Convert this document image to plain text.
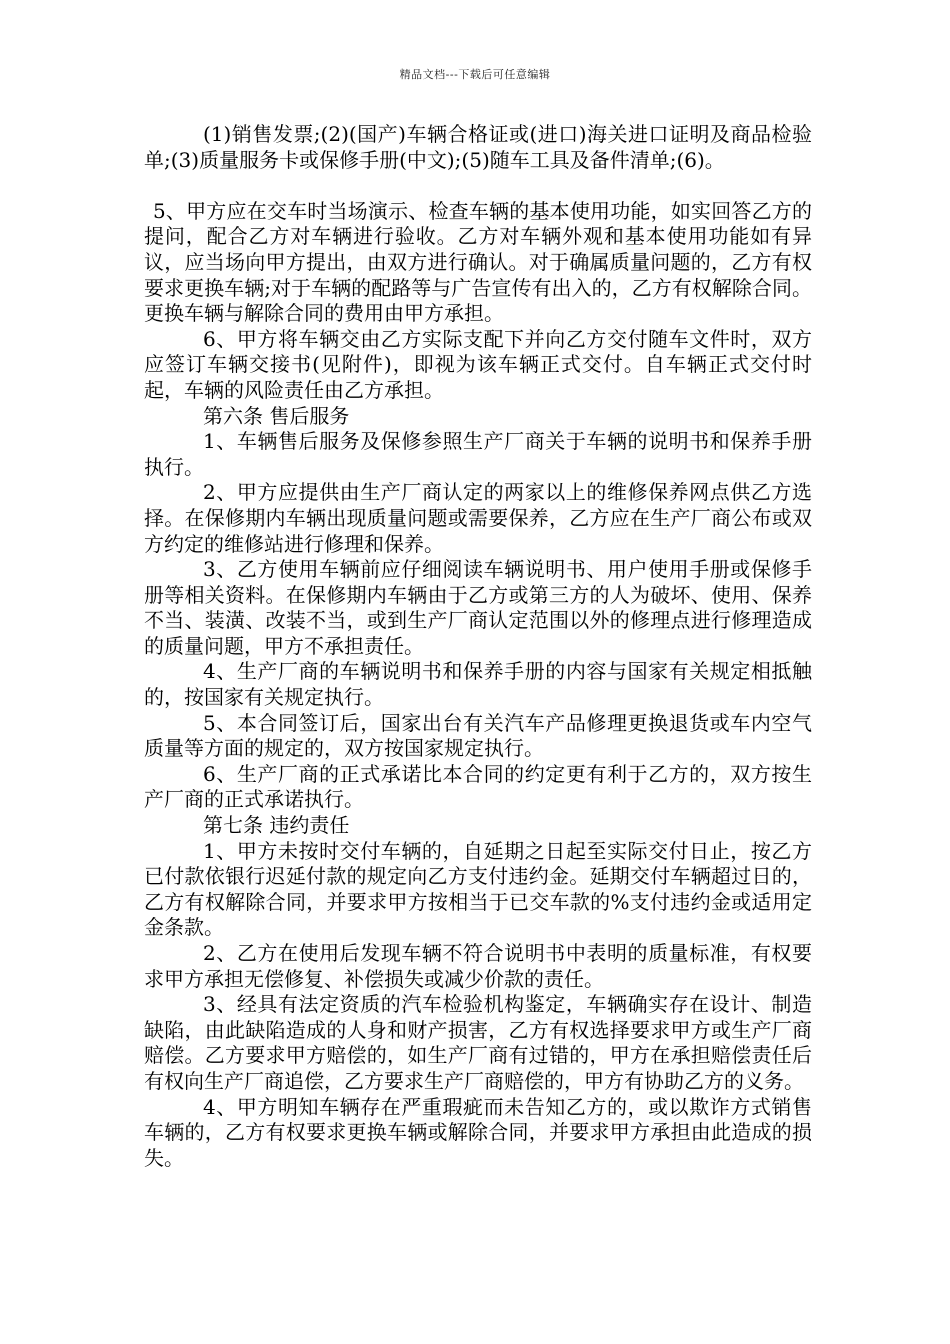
精品文档---下载后可任意编辑

(1)销售发票;(2)(国产)车辆合格证或(进口)海关进口证明及商品检验单;(3)质量服务卡或保修手册(中文);(5)随车工具及备件清单;(6)。

5、甲方应在交车时当场演示、检查车辆的基本使用功能，如实回答乙方的提问，配合乙方对车辆进行验收。乙方对车辆外观和基本使用功能如有异议，应当场向甲方提出，由双方进行确认。对于确属质量问题的，乙方有权要求更换车辆;对于车辆的配路等与广告宣传有出入的，乙方有权解除合同。更换车辆与解除合同的费用由甲方承担。

6、甲方将车辆交由乙方实际支配下并向乙方交付随车文件时，双方应签订车辆交接书(见附件)，即视为该车辆正式交付。自车辆正式交付时起，车辆的风险责任由乙方承担。

第六条 售后服务

1、车辆售后服务及保修参照生产厂商关于车辆的说明书和保养手册执行。

2、甲方应提供由生产厂商认定的两家以上的维修保养网点供乙方选择。在保修期内车辆出现质量问题或需要保养，乙方应在生产厂商公布或双方约定的维修站进行修理和保养。

3、乙方使用车辆前应仔细阅读车辆说明书、用户使用手册或保修手册等相关资料。在保修期内车辆由于乙方或第三方的人为破坏、使用、保养不当、装潢、改装不当，或到生产厂商认定范围以外的修理点进行修理造成的质量问题，甲方不承担责任。

4、生产厂商的车辆说明书和保养手册的内容与国家有关规定相抵触的，按国家有关规定执行。

5、本合同签订后，国家出台有关汽车产品修理更换退货或车内空气质量等方面的规定的，双方按国家规定执行。

6、生产厂商的正式承诺比本合同的约定更有利于乙方的，双方按生产厂商的正式承诺执行。

第七条 违约责任

1、甲方未按时交付车辆的，自延期之日起至实际交付日止，按乙方已付款依银行迟延付款的规定向乙方支付违约金。延期交付车辆超过日的，乙方有权解除合同，并要求甲方按相当于已交车款的%支付违约金或适用定金条款。

2、乙方在使用后发现车辆不符合说明书中表明的质量标准，有权要求甲方承担无偿修复、补偿损失或减少价款的责任。

3、经具有法定资质的汽车检验机构鉴定，车辆确实存在设计、制造缺陷，由此缺陷造成的人身和财产损害，乙方有权选择要求甲方或生产厂商赔偿。乙方要求甲方赔偿的，如生产厂商有过错的，甲方在承担赔偿责任后有权向生产厂商追偿，乙方要求生产厂商赔偿的，甲方有协助乙方的义务。

4、甲方明知车辆存在严重瑕疵而未告知乙方的，或以欺诈方式销售车辆的，乙方有权要求更换车辆或解除合同，并要求甲方承担由此造成的损失。
